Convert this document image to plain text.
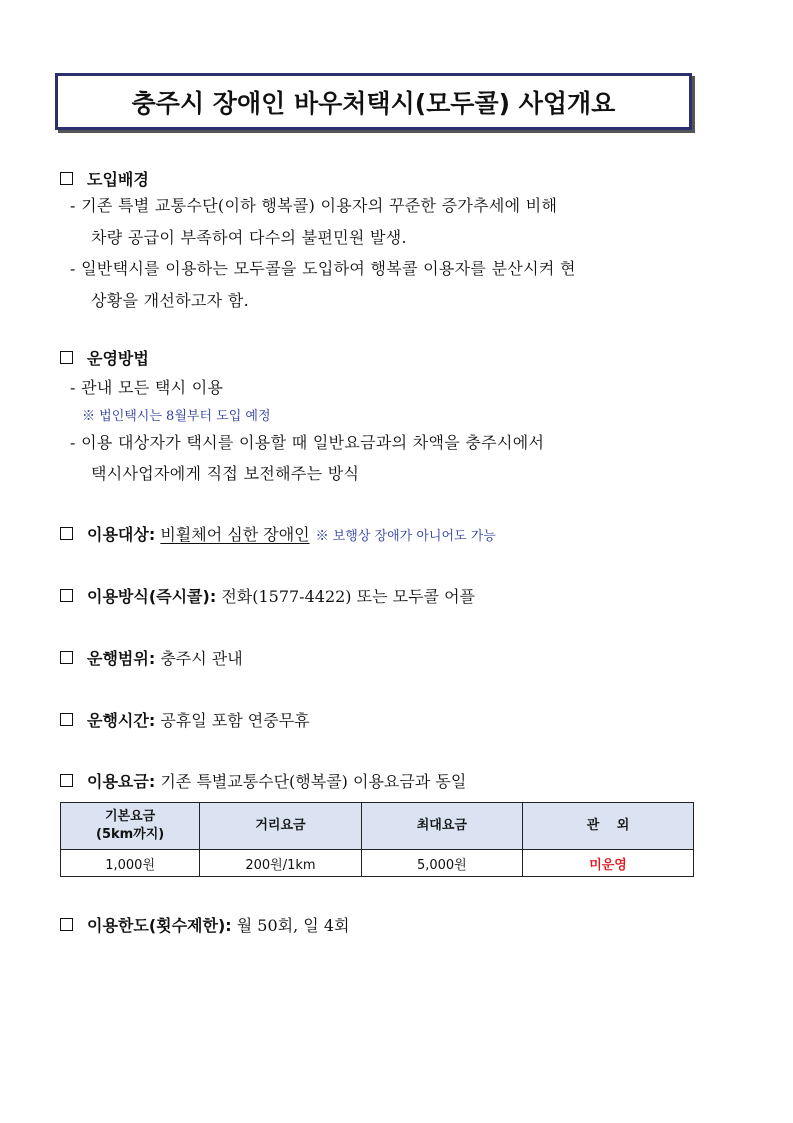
충주시 장애인 바우처택시(모두콜) 사업개요
도입배경
- 기존 특별 교통수단(이하 행복콜) 이용자의 꾸준한 증가추세에 비해
차량 공급이 부족하여 다수의 불편민원 발생.
- 일반택시를 이용하는 모두콜을 도입하여 행복콜 이용자를 분산시켜 현
상황을 개선하고자 함.
운영방법
- 관내 모든 택시 이용
※ 법인택시는 8월부터 도입 예정
- 이용 대상자가 택시를 이용할 때 일반요금과의 차액을 충주시에서
택시사업자에게 직접 보전해주는 방식
이용대상: 비휠체어 심한 장애인 ※ 보행상 장애가 아니어도 가능
이용방식(즉시콜): 전화(1577-4422) 또는 모두콜 어플
운행범위: 충주시 관내
운행시간: 공휴일 포함 연중무휴
이용요금: 기존 특별교통수단(행복콜) 이용요금과 동일
기본요금
(5km까지)	거리요금	최대요금	관　 외
1,000원	200원/1km	5,000원	미운영
이용한도(횟수제한): 월 50회, 일 4회
